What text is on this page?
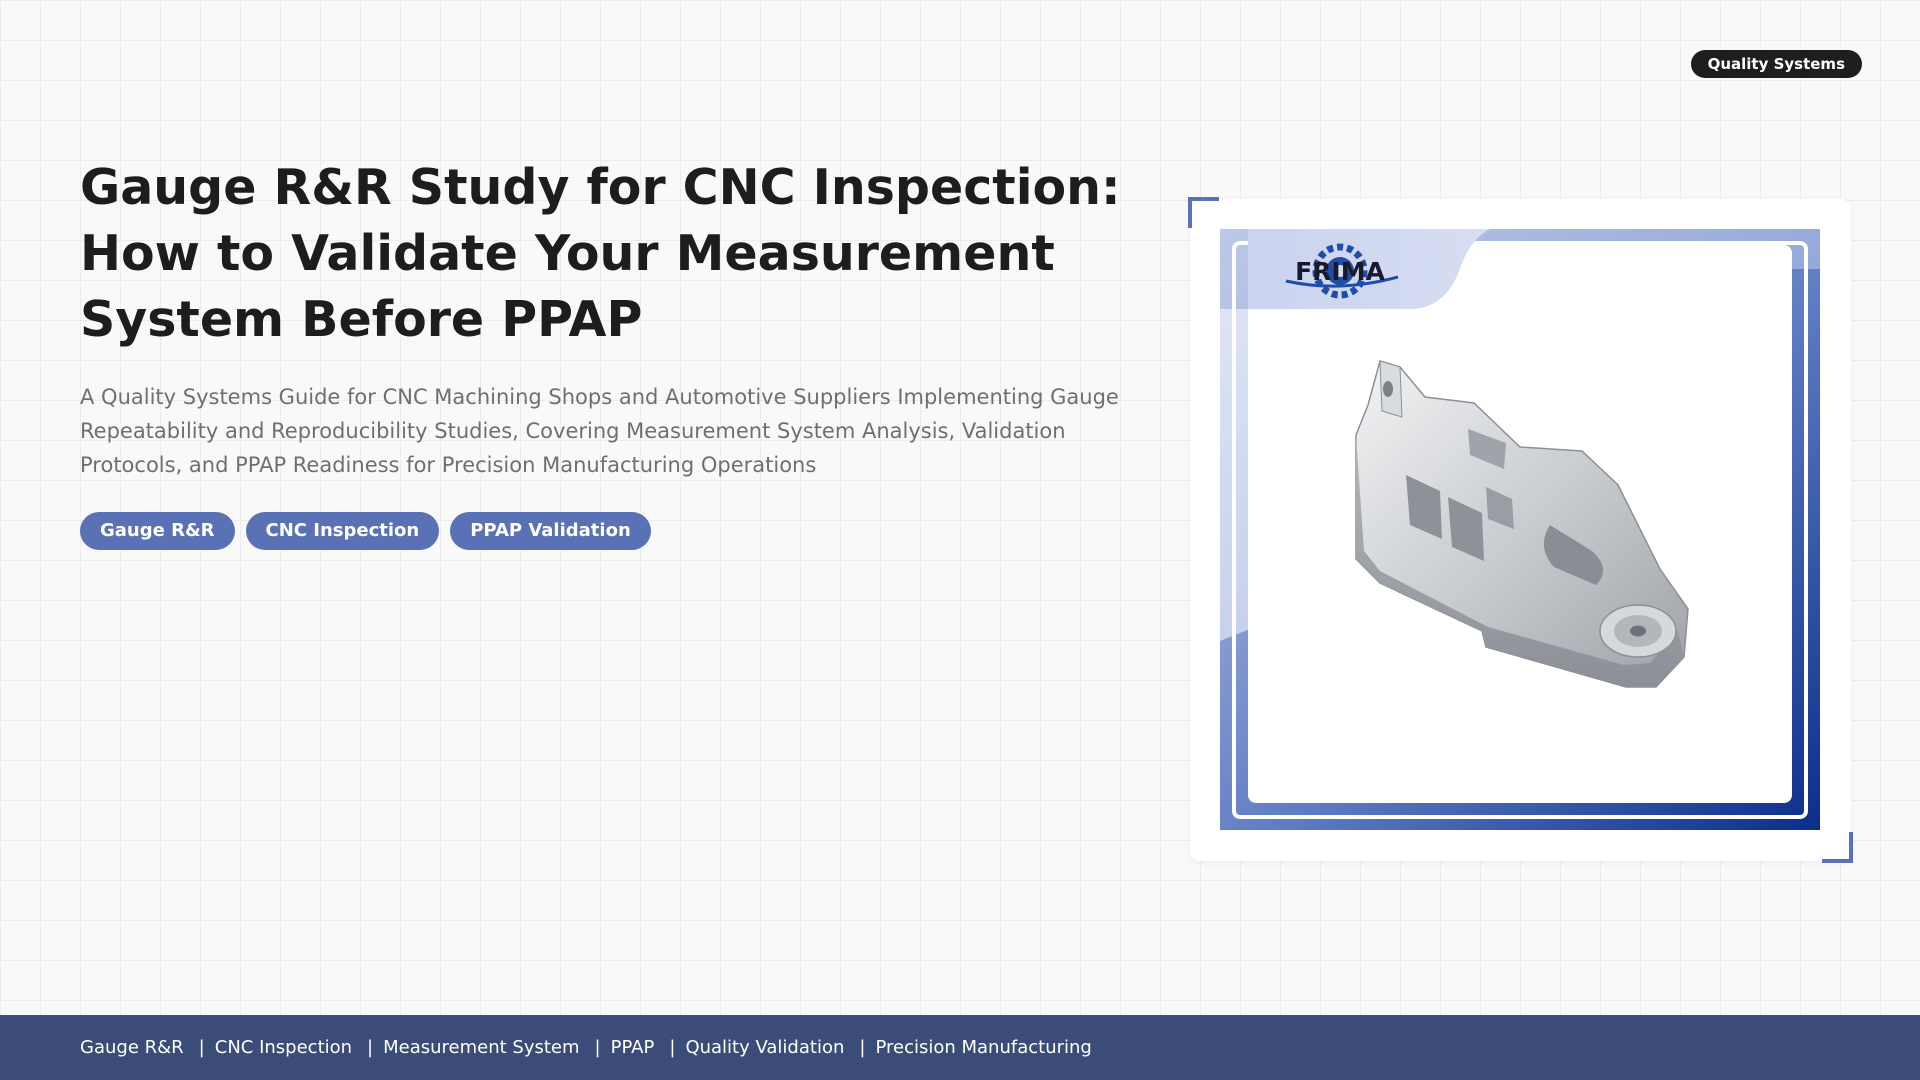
Quality Systems
Gauge R&R Study for CNC Inspection: How to Validate Your Measurement System Before PPAP

A Quality Systems Guide for CNC Machining Shops and Automotive Suppliers Implementing Gauge Repeatability and Reproducibility Studies, Covering Measurement System Analysis, Validation Protocols, and PPAP Readiness for Precision Manufacturing Operations

Gauge R&R	CNC Inspection	PPAP Validation
FRIMA
Gauge R&R | CNC Inspection | Measurement System | PPAP | Quality Validation | Precision Manufacturing
